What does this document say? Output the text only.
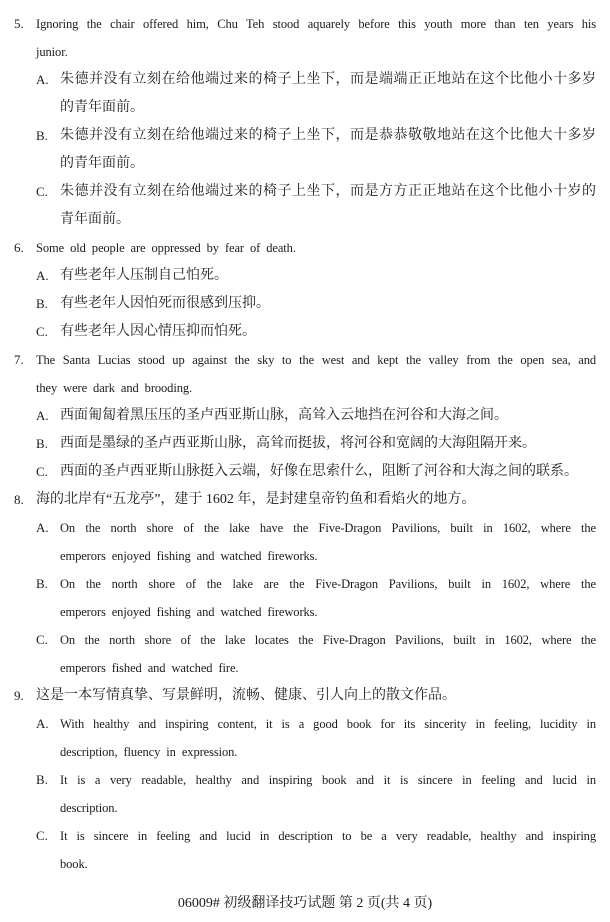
5. Ignoring the chair offered him, Chu Teh stood aquarely before this youth more than ten years his
junior.
A. 朱德并没有立刻在给他端过来的椅子上坐下，而是端端正正地站在这个比他小十多岁
的青年面前。
B. 朱德并没有立刻在给他端过来的椅子上坐下，而是恭恭敬敬地站在这个比他大十多岁
的青年面前。
C. 朱德并没有立刻在给他端过来的椅子上坐下，而是方方正正地站在这个比他小十岁的
青年面前。
6. Some old people are oppressed by fear of death.
A. 有些老年人压制自己怕死。
B. 有些老年人因怕死而很感到压抑。
C. 有些老年人因心情压抑而怕死。
7. The Santa Lucias stood up against the sky to the west and kept the valley from the open sea, and
they were dark and brooding.
A. 西面匍匐着黑压压的圣卢西亚斯山脉，高耸入云地挡在河谷和大海之间。
B. 西面是墨绿的圣卢西亚斯山脉，高耸而挺拔，将河谷和宽阔的大海阻隔开来。
C. 西面的圣卢西亚斯山脉挺入云端，好像在思索什么，阻断了河谷和大海之间的联系。
8. 海的北岸有“五龙亭”，建于 1602 年，是封建皇帝钓鱼和看焰火的地方。
A. On the north shore of the lake have the Five-Dragon Pavilions, built in 1602, where the
emperors enjoyed fishing and watched fireworks.
B. On the north shore of the lake are the Five-Dragon Pavilions, built in 1602, where the
emperors enjoyed fishing and watched fireworks.
C. On the north shore of the lake locates the Five-Dragon Pavilions, built in 1602, where the
emperors fished and watched fire.
9. 这是一本写情真挚、写景鲜明，流畅、健康、引人向上的散文作品。
A. With healthy and inspiring content, it is a good book for its sincerity in feeling, lucidity in
description, fluency in expression.
B. It is a very readable, healthy and inspiring book and it is sincere in feeling and lucid in
description.
C. It is sincere in feeling and lucid in description to be a very readable, healthy and inspiring
book.
06009# 初级翻译技巧试题 第 2 页(共 4 页)
